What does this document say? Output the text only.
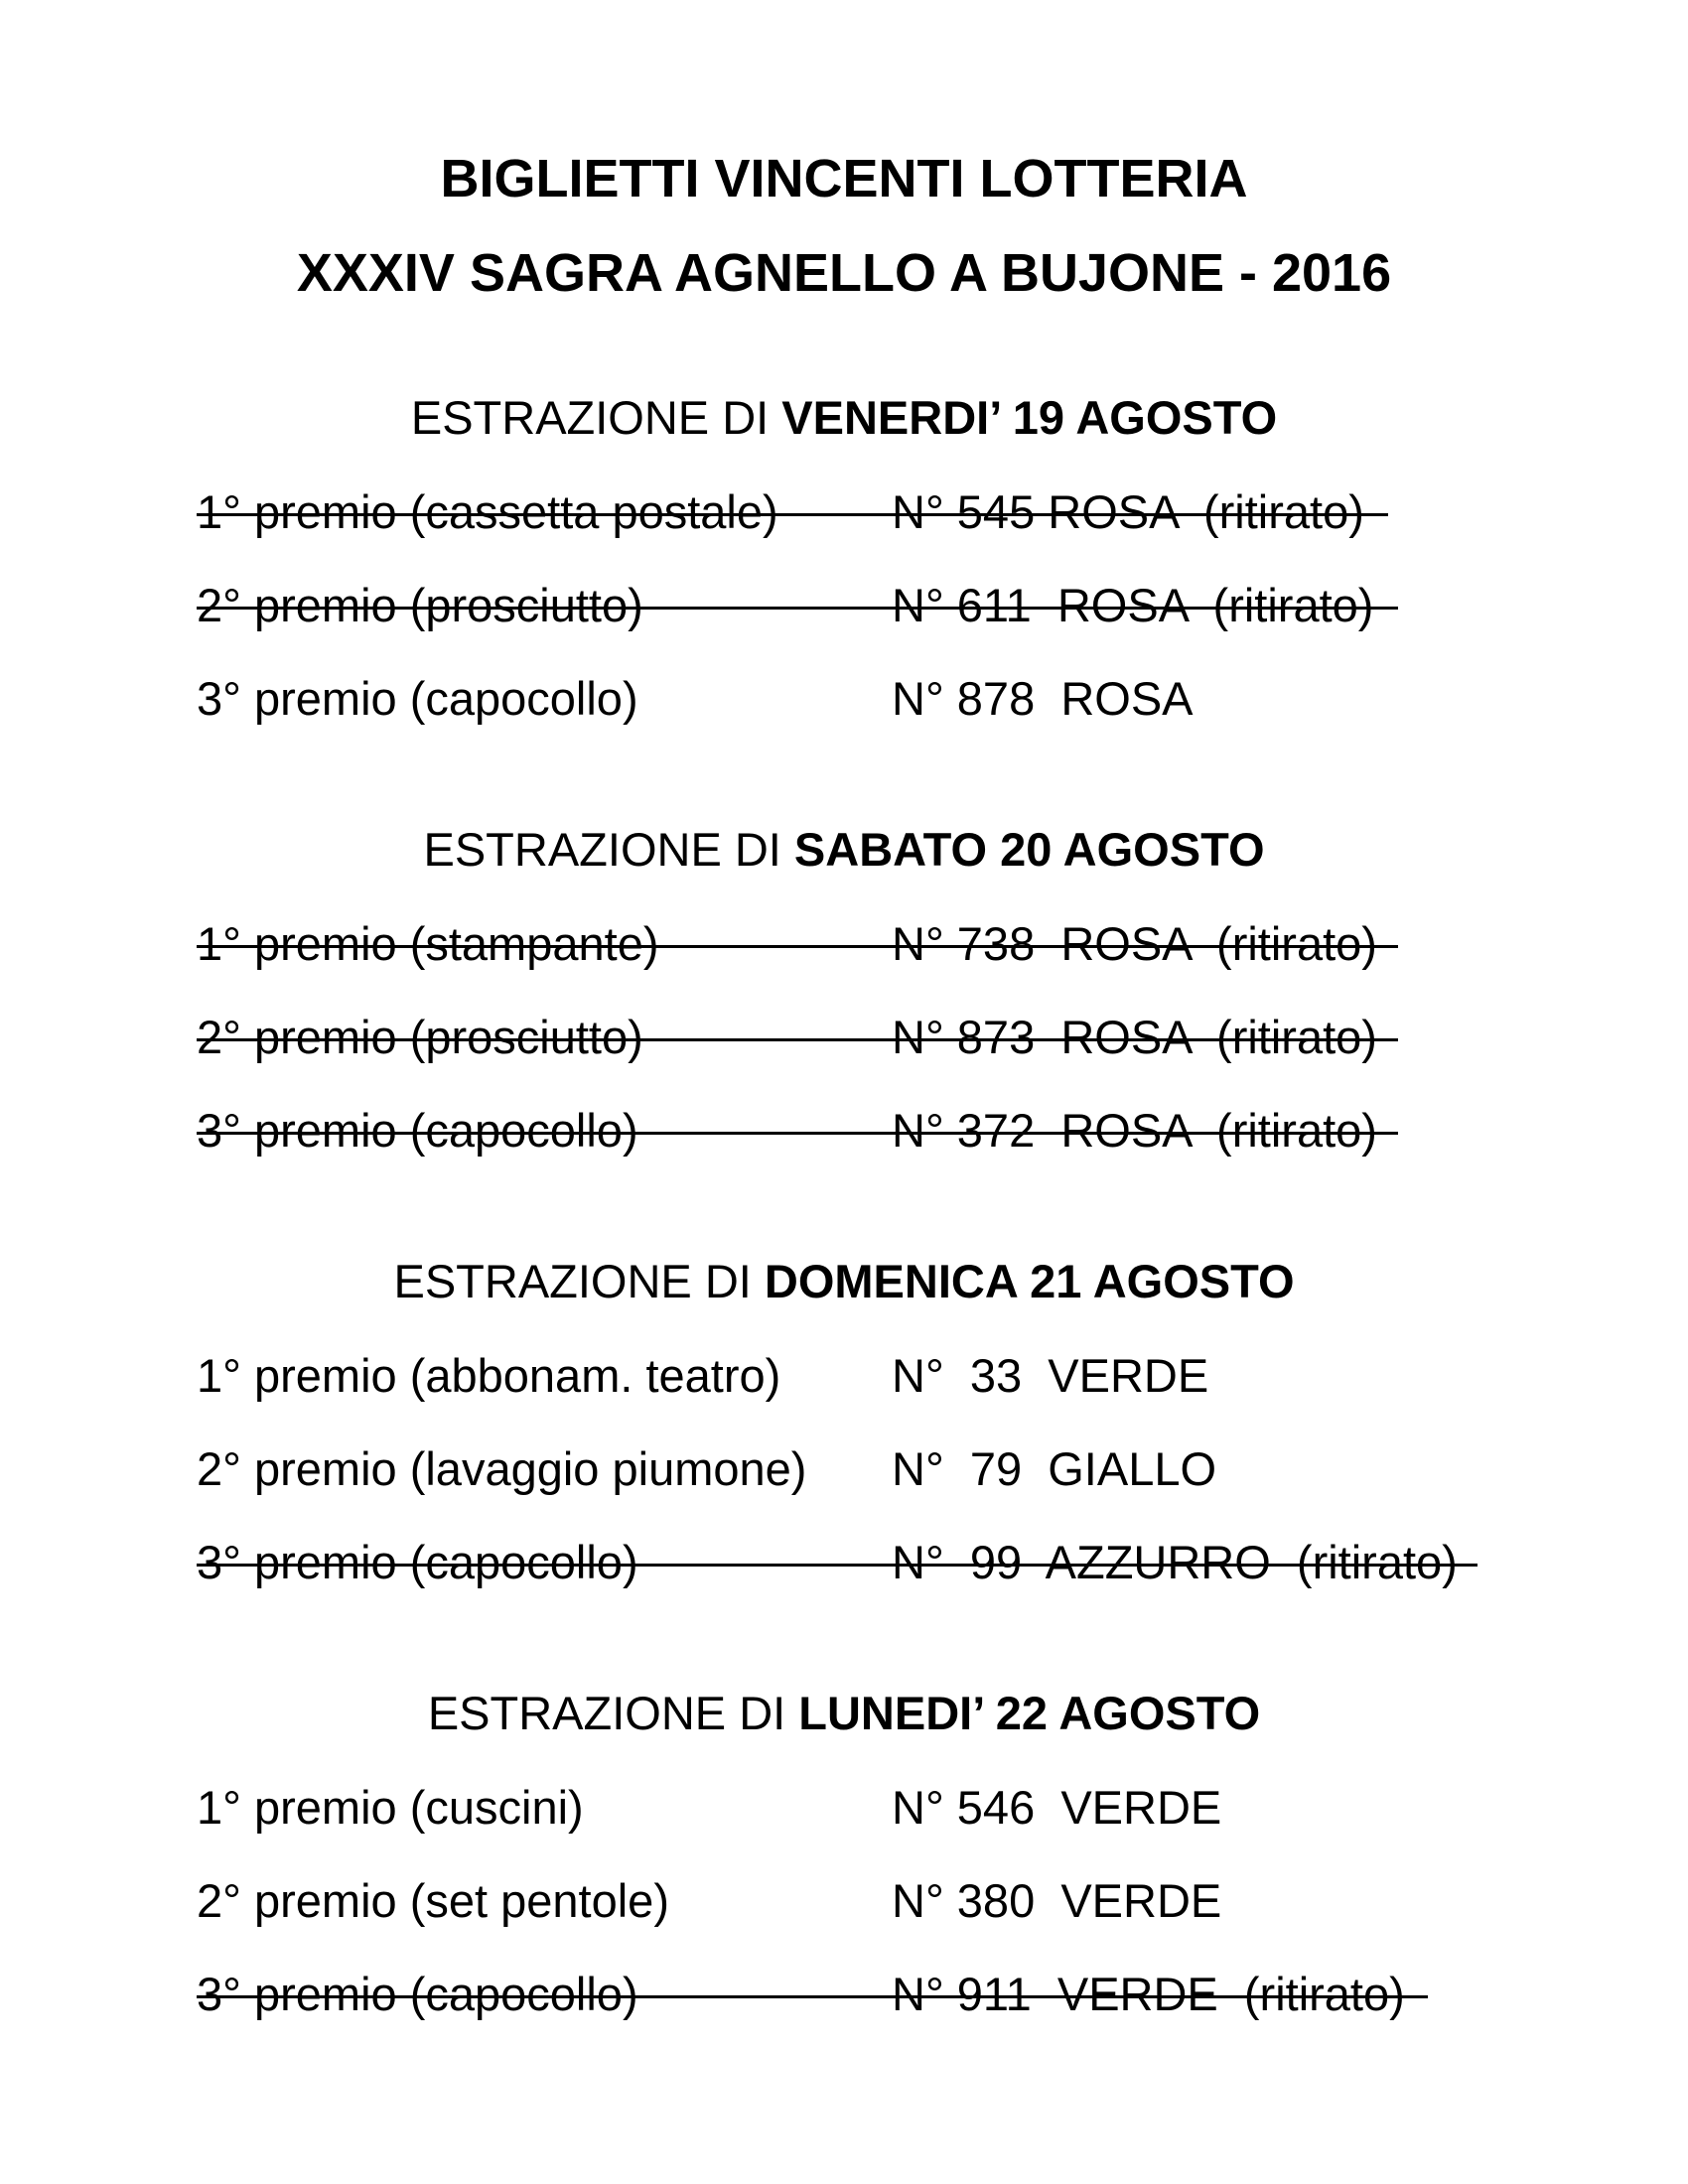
BIGLIETTI VINCENTI LOTTERIA
XXXIV SAGRA AGNELLO A BUJONE - 2016
ESTRAZIONE DI VENERDI’ 19 AGOSTO
1° premio (cassetta postale) N° 545 ROSA  (ritirato)
2° premio (prosciutto)	N° 611  ROSA  (ritirato)
3° premio (capocollo)	N° 878  ROSA
ESTRAZIONE DI SABATO 20 AGOSTO
1° premio (stampante)	N° 738  ROSA  (ritirato)
2° premio (prosciutto)	N° 873  ROSA  (ritirato)
3° premio (capocollo)	N° 372  ROSA  (ritirato)
ESTRAZIONE DI DOMENICA 21 AGOSTO
1° premio (abbonam. teatro) N°  33  VERDE
2° premio (lavaggio piumone) N°  79  GIALLO
3° premio (capocollo)	N°  99  AZZURRO  (ritirato)
ESTRAZIONE DI LUNEDI’ 22 AGOSTO
1° premio (cuscini)	N° 546  VERDE
2° premio (set pentole)	N° 380  VERDE
3° premio (capocollo)	N° 911  VERDE  (ritirato)
